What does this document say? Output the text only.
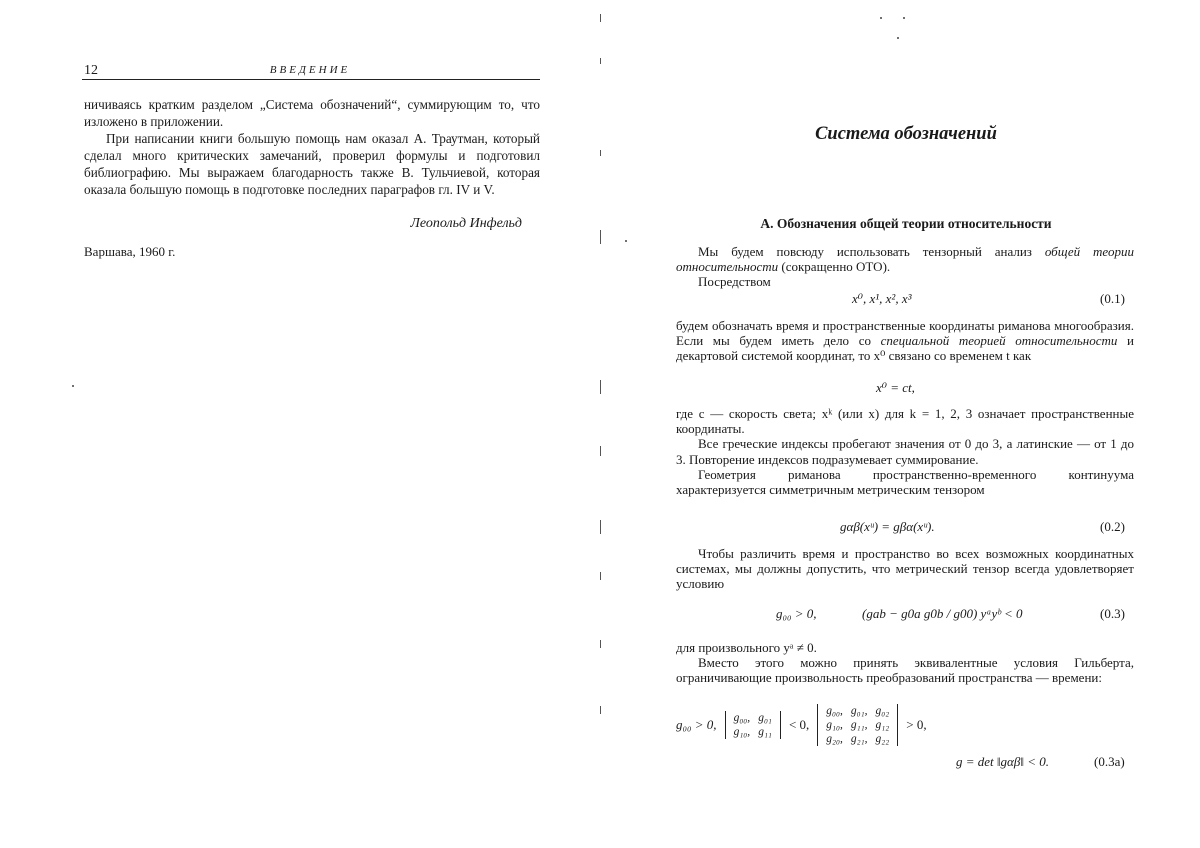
12	ВВЕДЕНИЕ

ничиваясь кратким разделом „Система обозначений“, суммирующим то, что изложено в приложении.

При написании книги большую помощь нам оказал А. Траутман, который сделал много критических замечаний, проверил формулы и подготовил библиографию. Мы выражаем благодарность также В. Тульчиевой, которая оказала большую помощь в подготовке последних параграфов гл. IV и V.

Леопольд Инфельд
Варшава, 1960 г.
Система обозначений
А. Обозначения общей теории относительности

Мы будем повсюду использовать тензорный анализ общей теории относительности (сокращенно ОТО).

Посредством

x⁰, x¹, x², x³	(0.1)

будем обозначать время и пространственные координаты риманова многообразия. Если мы будем иметь дело со специальной теорией относительности и декартовой системой координат, то x⁰ связано со временем t как

x⁰ = ct,

где c — скорость света; xᵏ (или x) для k = 1, 2, 3 означает пространственные координаты.

Все греческие индексы пробегают значения от 0 до 3, а латинские — от 1 до 3. Повторение индексов подразумевает суммирование.

Геометрия риманова пространственно-временного континуума характеризуется симметричным метрическим тензором

gαβ(xᵘ) = gβα(xᵘ).	(0.2)

Чтобы различить время и пространство во всех возможных координатных системах, мы должны допустить, что метрический тензор всегда удовлетворяет условию

g₀₀ > 0,	(gab − g0a g0b / g00) yᵃyᵇ < 0	(0.3)

для произвольного yᵃ ≠ 0.

Вместо этого можно принять эквивалентные условия Гильберта, ограничивающие произвольность преобразований пространства — времени:

g₀₀ > 0, g₀₀,	g₀₁
g₁₀,	g₁₁ < 0,
g₀₀,	g₀₁,	g₀₂
g₁₀,	g₁₁,	g₁₂
g₂₀,	g₂₁,	g₂₂
> 0,
g = det ‖gαβ‖ < 0.	(0.3а)
